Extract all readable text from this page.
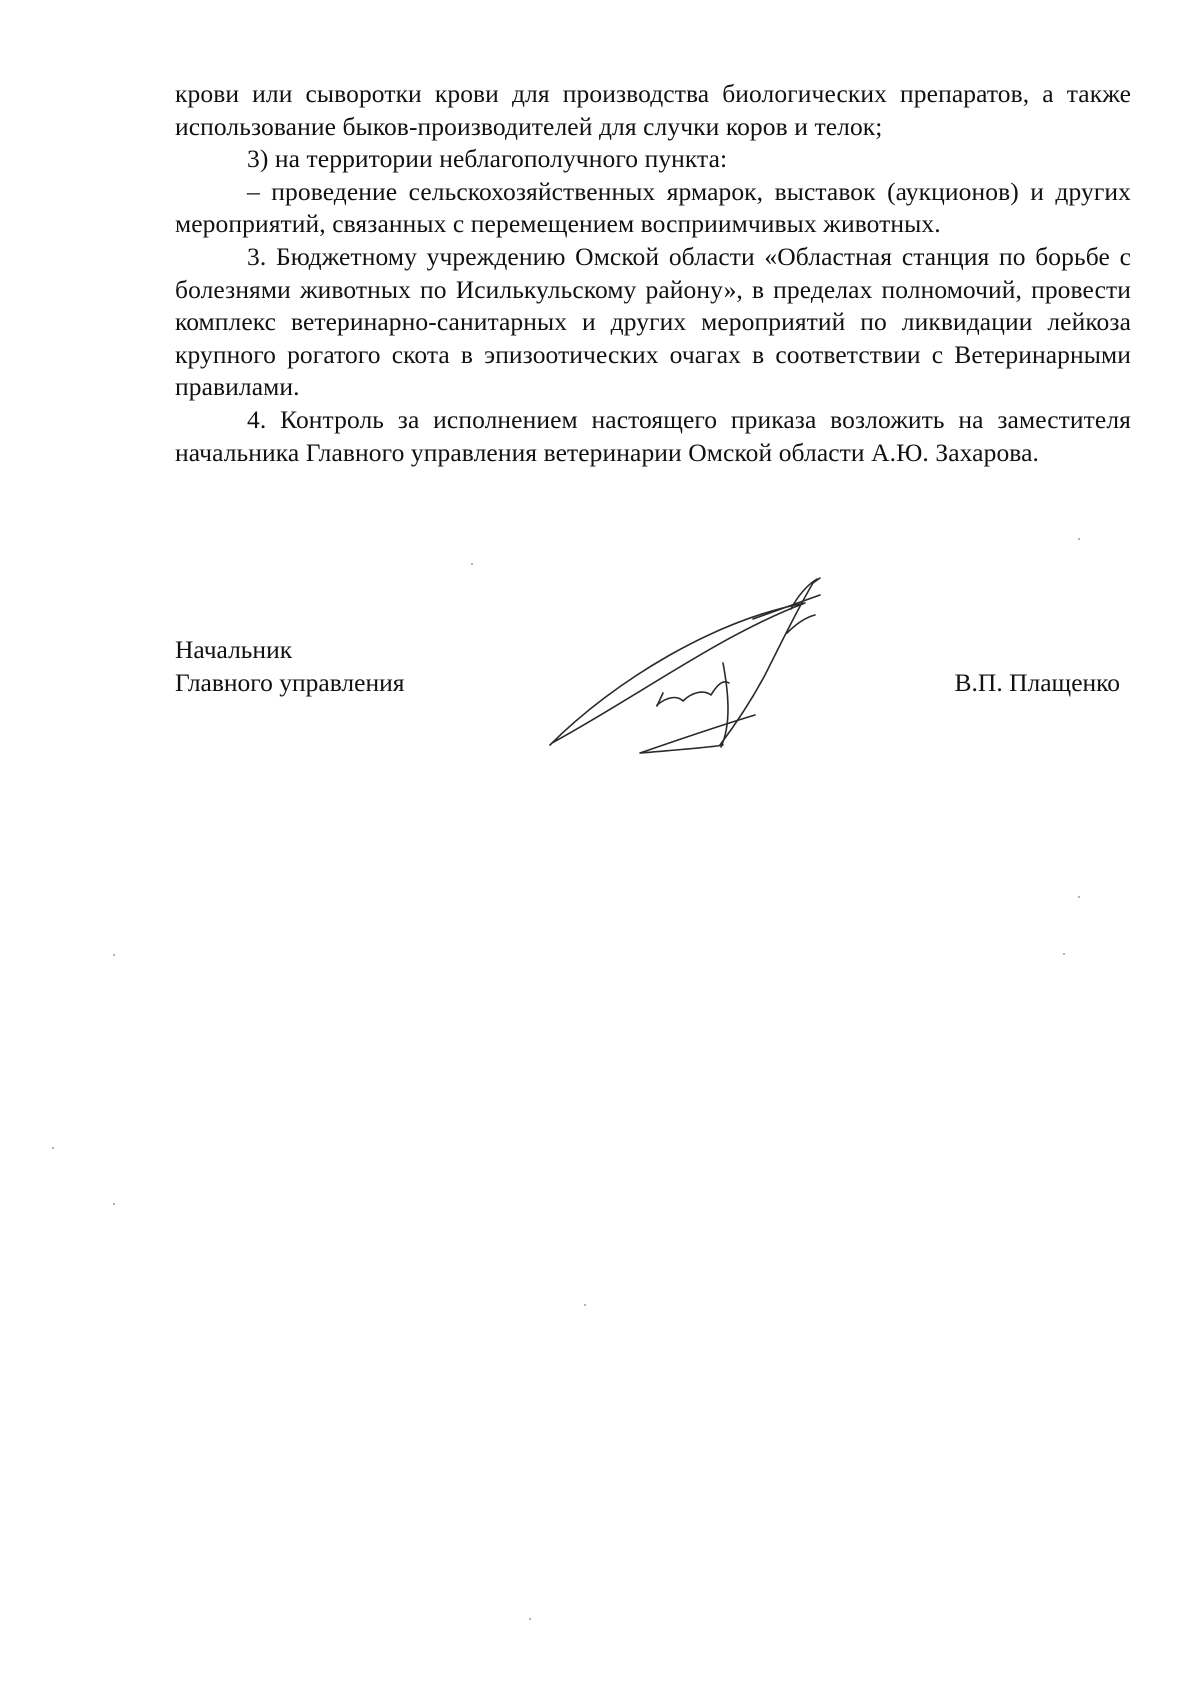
крови или сыворотки крови для производства биологических препаратов, а также использование быков-производителей для случки коров и телок;

3) на территории неблагополучного пункта:

– проведение сельскохозяйственных ярмарок, выставок (аукционов) и других мероприятий, связанных с перемещением восприимчивых животных.

3. Бюджетному учреждению Омской области «Областная станция по борьбе с болезнями животных по Исилькульскому району», в пределах полномочий, провести комплекс ветеринарно-санитарных и других мероприятий по ликвидации лейкоза крупного рогатого скота в эпизоотических очагах в соответствии с Ветеринарными правилами.

4. Контроль за исполнением настоящего приказа возложить на заместителя начальника Главного управления ветеринарии Омской области А.Ю. Захарова.

Начальник
Главного управления	В.П. Плащенко
